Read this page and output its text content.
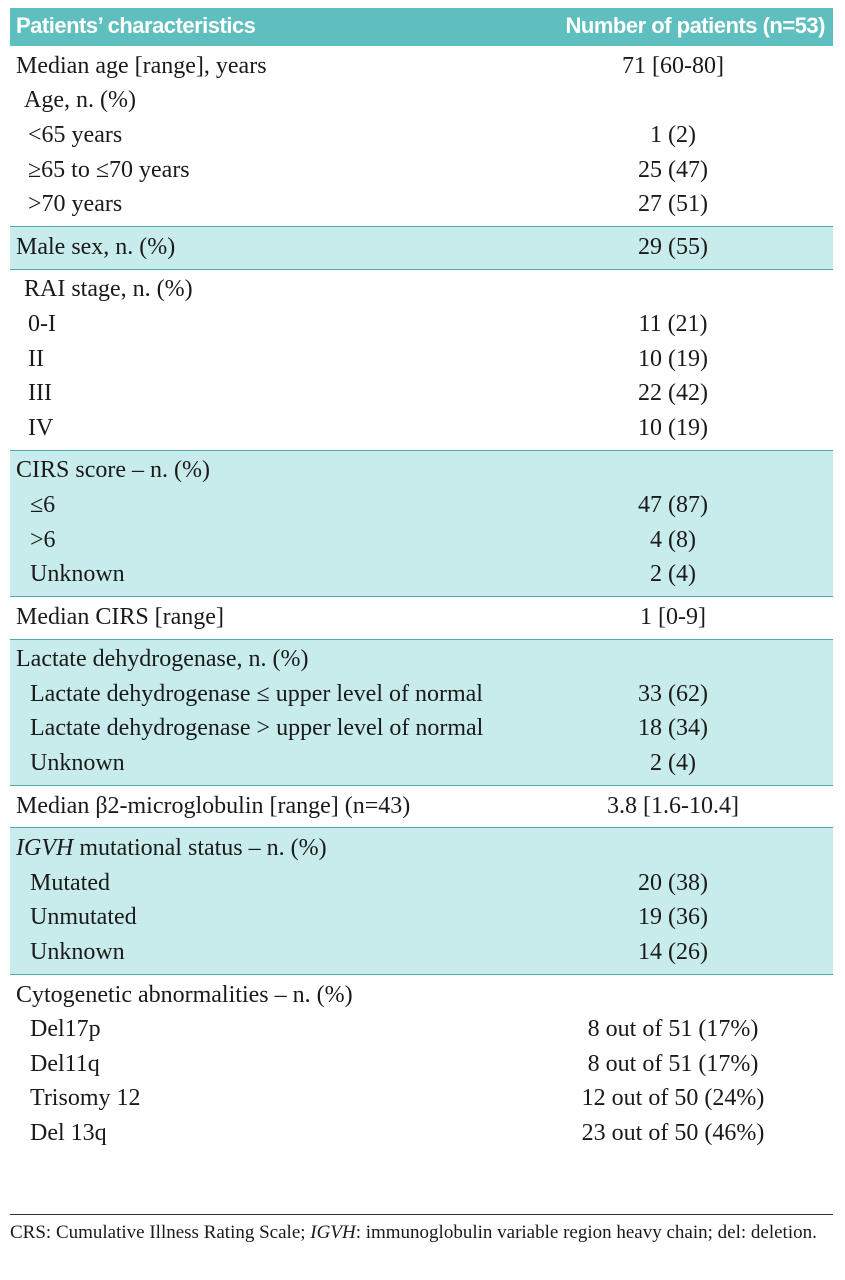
Patients’ characteristics	Number of patients (n=53)
Median age [range], years	71 [60-80]
Age, n. (%)
<65 years	1 (2)
≥65 to ≤70 years	25 (47)
>70 years	27 (51)
Male sex, n. (%)	29 (55)
RAI stage, n. (%)
0-I	11 (21)
II	10 (19)
III	22 (42)
IV	10 (19)
CIRS score – n. (%)
≤6	47 (87)
>6	4 (8)
Unknown	2 (4)
Median CIRS [range]	1 [0-9]
Lactate dehydrogenase, n. (%)
Lactate dehydrogenase ≤ upper level of normal	33 (62)
Lactate dehydrogenase > upper level of normal	18 (34)
Unknown	2 (4)
Median β2-microglobulin [range] (n=43)	3.8 [1.6-10.4]
IGVH mutational status – n. (%)
Mutated	20 (38)
Unmutated	19 (36)
Unknown	14 (26)
Cytogenetic abnormalities – n. (%)
Del17p	8 out of 51 (17%)
Del11q	8 out of 51 (17%)
Trisomy 12	12 out of 50 (24%)
Del 13q	23 out of 50 (46%)
CRS: Cumulative Illness Rating Scale; IGVH: immunoglobulin variable region heavy chain; del: deletion.
